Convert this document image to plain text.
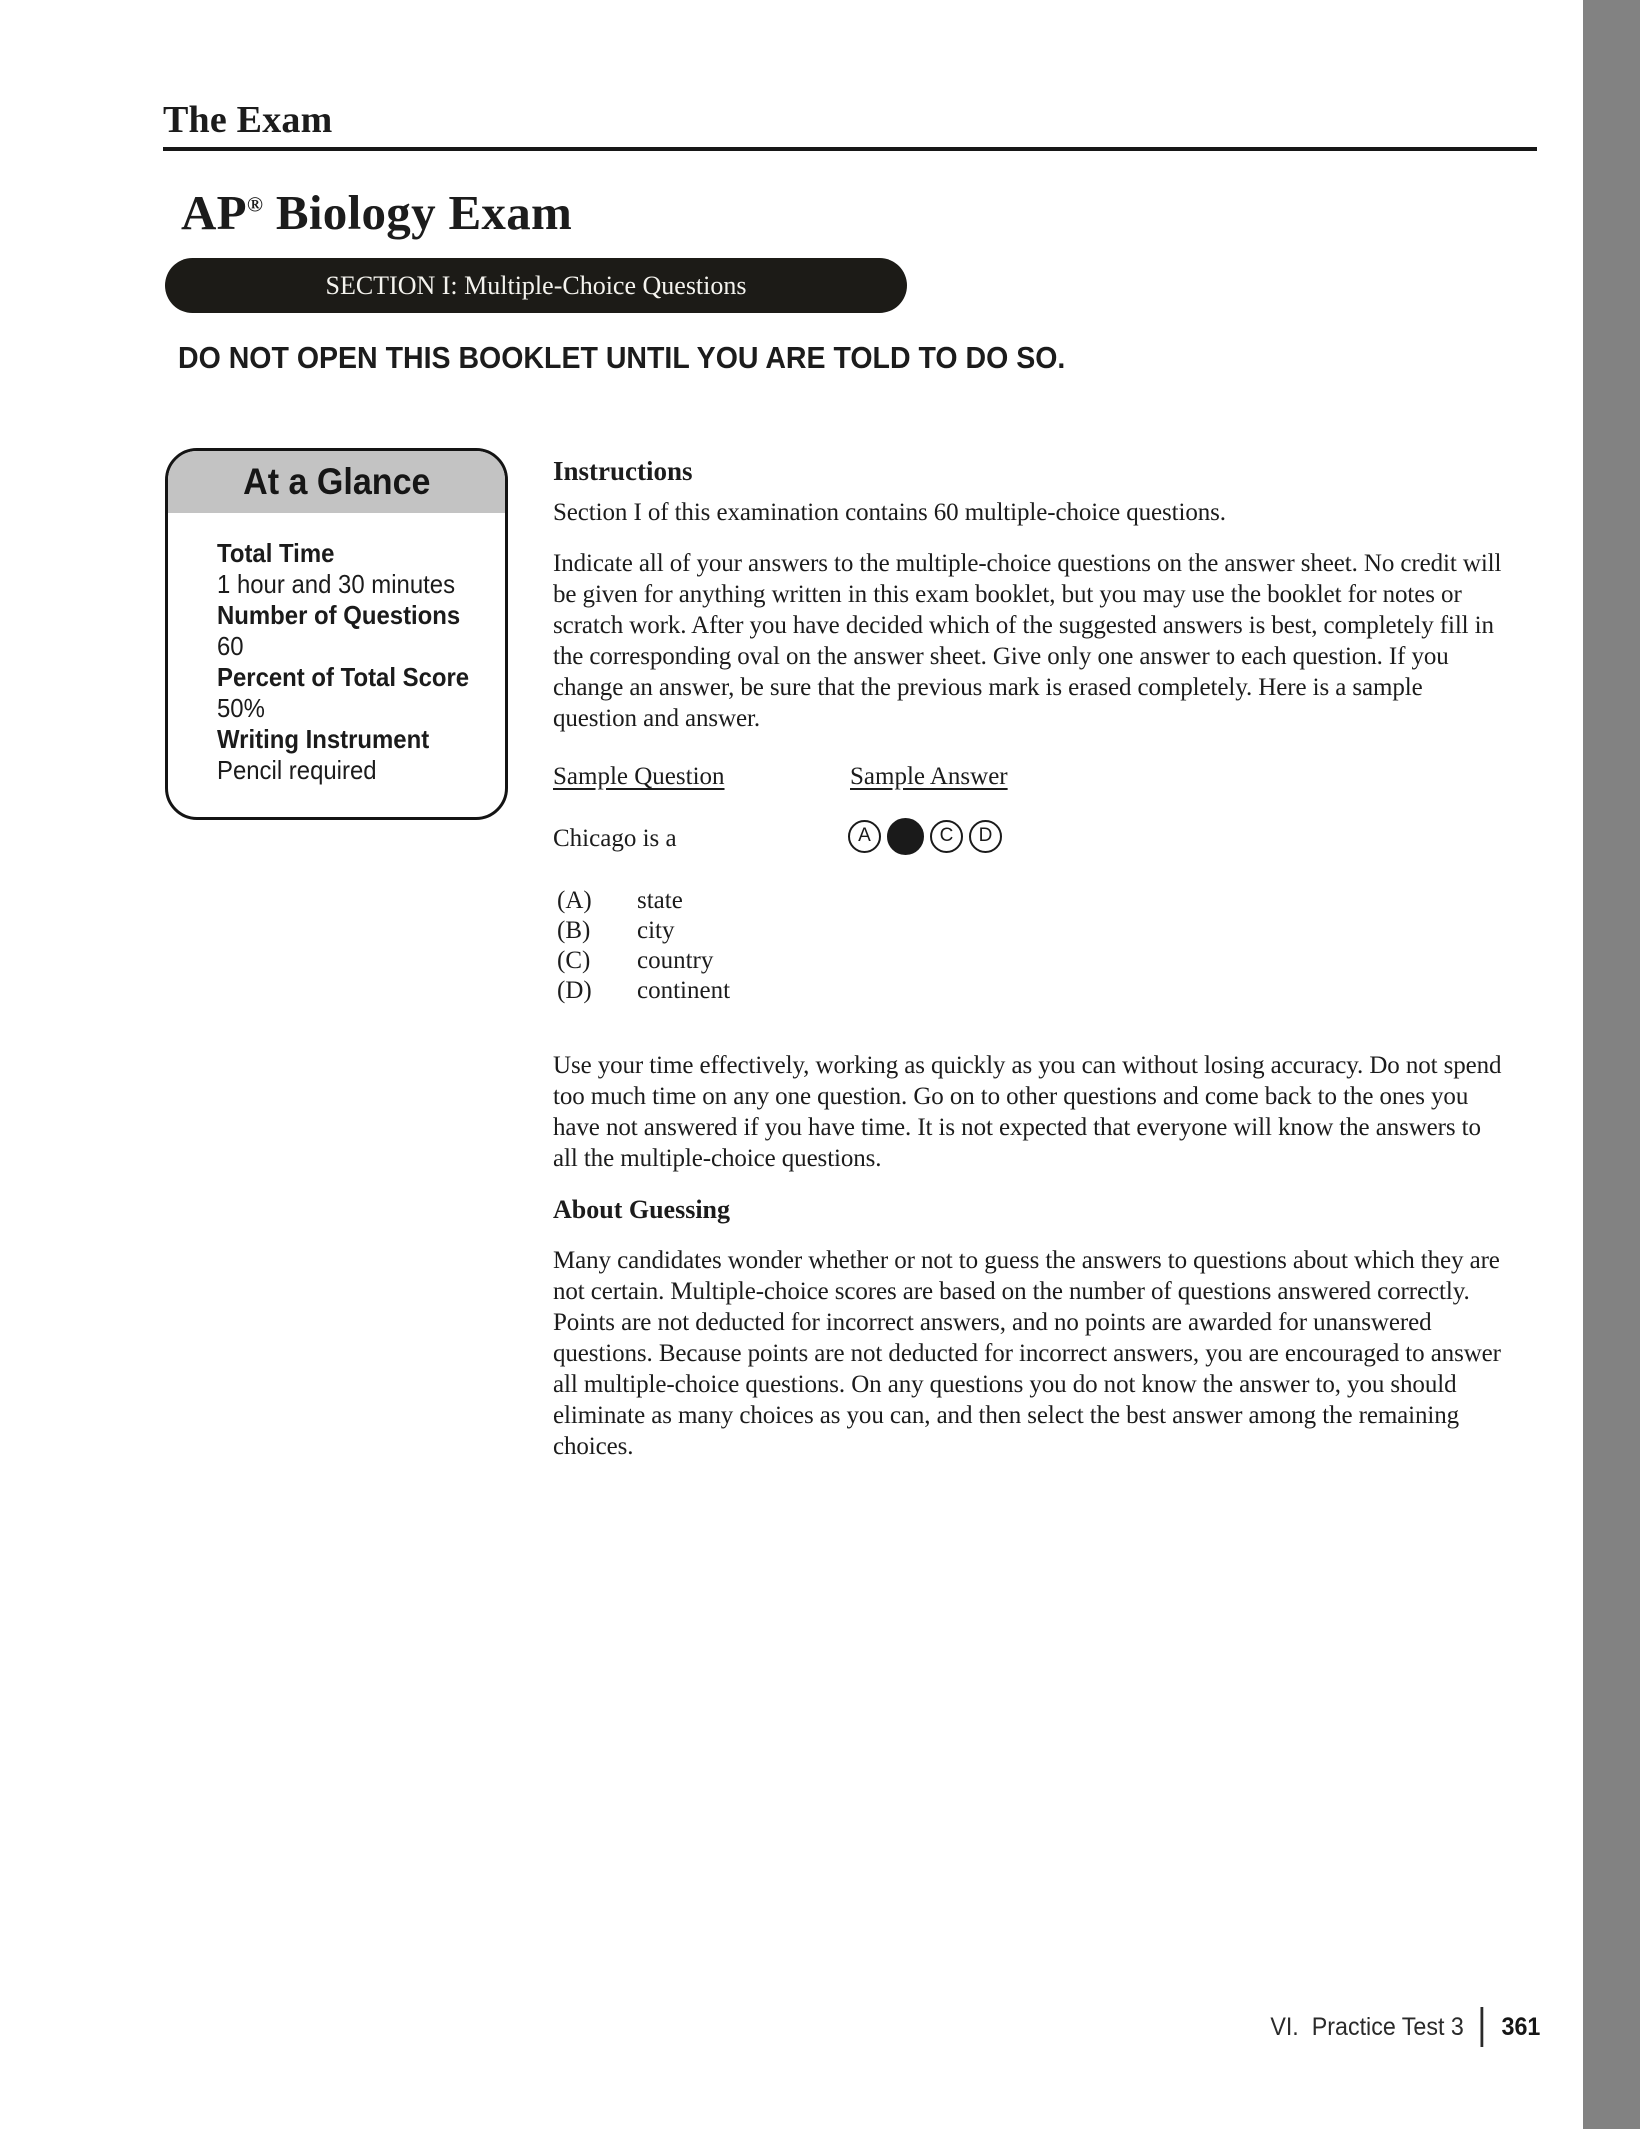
The Exam
AP® Biology Exam
SECTION I: Multiple-Choice Questions
DO NOT OPEN THIS BOOKLET UNTIL YOU ARE TOLD TO DO SO.
At a Glance
Total Time
1 hour and 30 minutes
Number of Questions
60
Percent of Total Score
50%
Writing Instrument
Pencil required
Instructions

Section I of this examination contains 60 multiple-choice questions.

Indicate all of your answers to the multiple-choice questions on the answer sheet. No credit will be given for anything written in this exam booklet, but you may use the booklet for notes or scratch work. After you have decided which of the suggested answers is best, completely fill in the corresponding oval on the answer sheet. Give only one answer to each question. If you change an answer, be sure that the previous mark is erased completely. Here is a sample question and answer.

Sample Question	Sample Answer
Chicago is a	A	C	D
(A)	state
(B)	city
(C)	country
(D)	continent

Use your time effectively, working as quickly as you can without losing accuracy. Do not spend too much time on any one question. Go on to other questions and come back to the ones you have not answered if you have time. It is not expected that everyone will know the answers to all the multiple-choice questions.

About Guessing

Many candidates wonder whether or not to guess the answers to questions about which they are not certain. Multiple-choice scores are based on the number of questions answered correctly. Points are not deducted for incorrect answers, and no points are awarded for unanswered questions. Because points are not deducted for incorrect answers, you are encouraged to answer all multiple-choice questions. On any questions you do not know the answer to, you should eliminate as many choices as you can, and then select the best answer among the remaining choices.

VI. Practice Test 3 361
